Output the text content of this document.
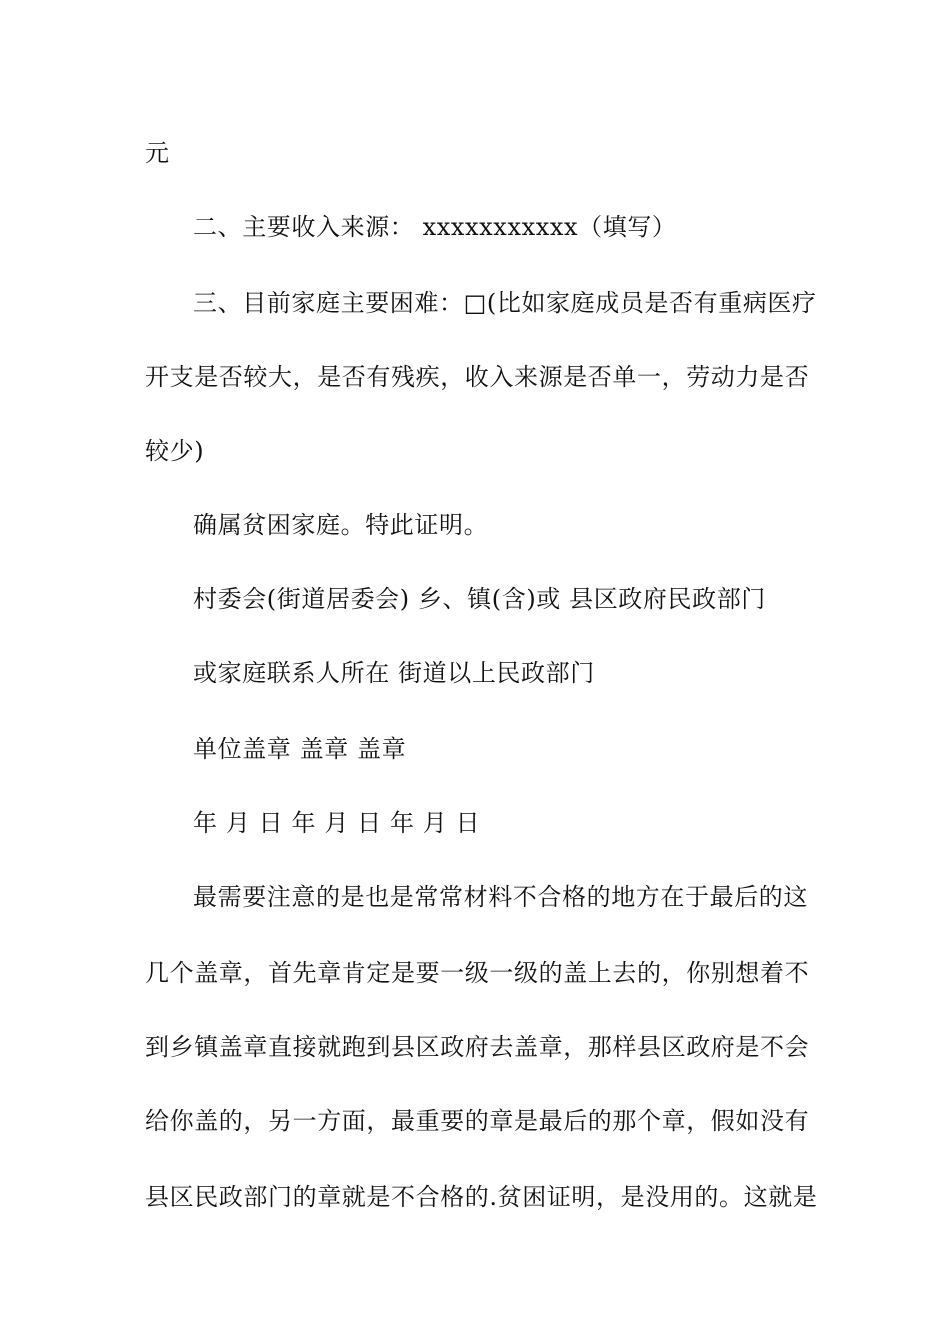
元
二、主要收入来源： xxxxxxxxxxx（填写）
三、目前家庭主要困难：□(比如家庭成员是否有重病医疗
开支是否较大，是否有残疾，收入来源是否单一，劳动力是否
较少)
确属贫困家庭。特此证明。
村委会(街道居委会) 乡、镇(含)或 县区政府民政部门
或家庭联系人所在 街道以上民政部门
单位盖章 盖章 盖章
年 月 日 年 月 日 年 月 日
最需要注意的是也是常常材料不合格的地方在于最后的这
几个盖章，首先章肯定是要一级一级的盖上去的，你别想着不
到乡镇盖章直接就跑到县区政府去盖章，那样县区政府是不会
给你盖的，另一方面，最重要的章是最后的那个章，假如没有
县区民政部门的章就是不合格的.贫困证明，是没用的。这就是
